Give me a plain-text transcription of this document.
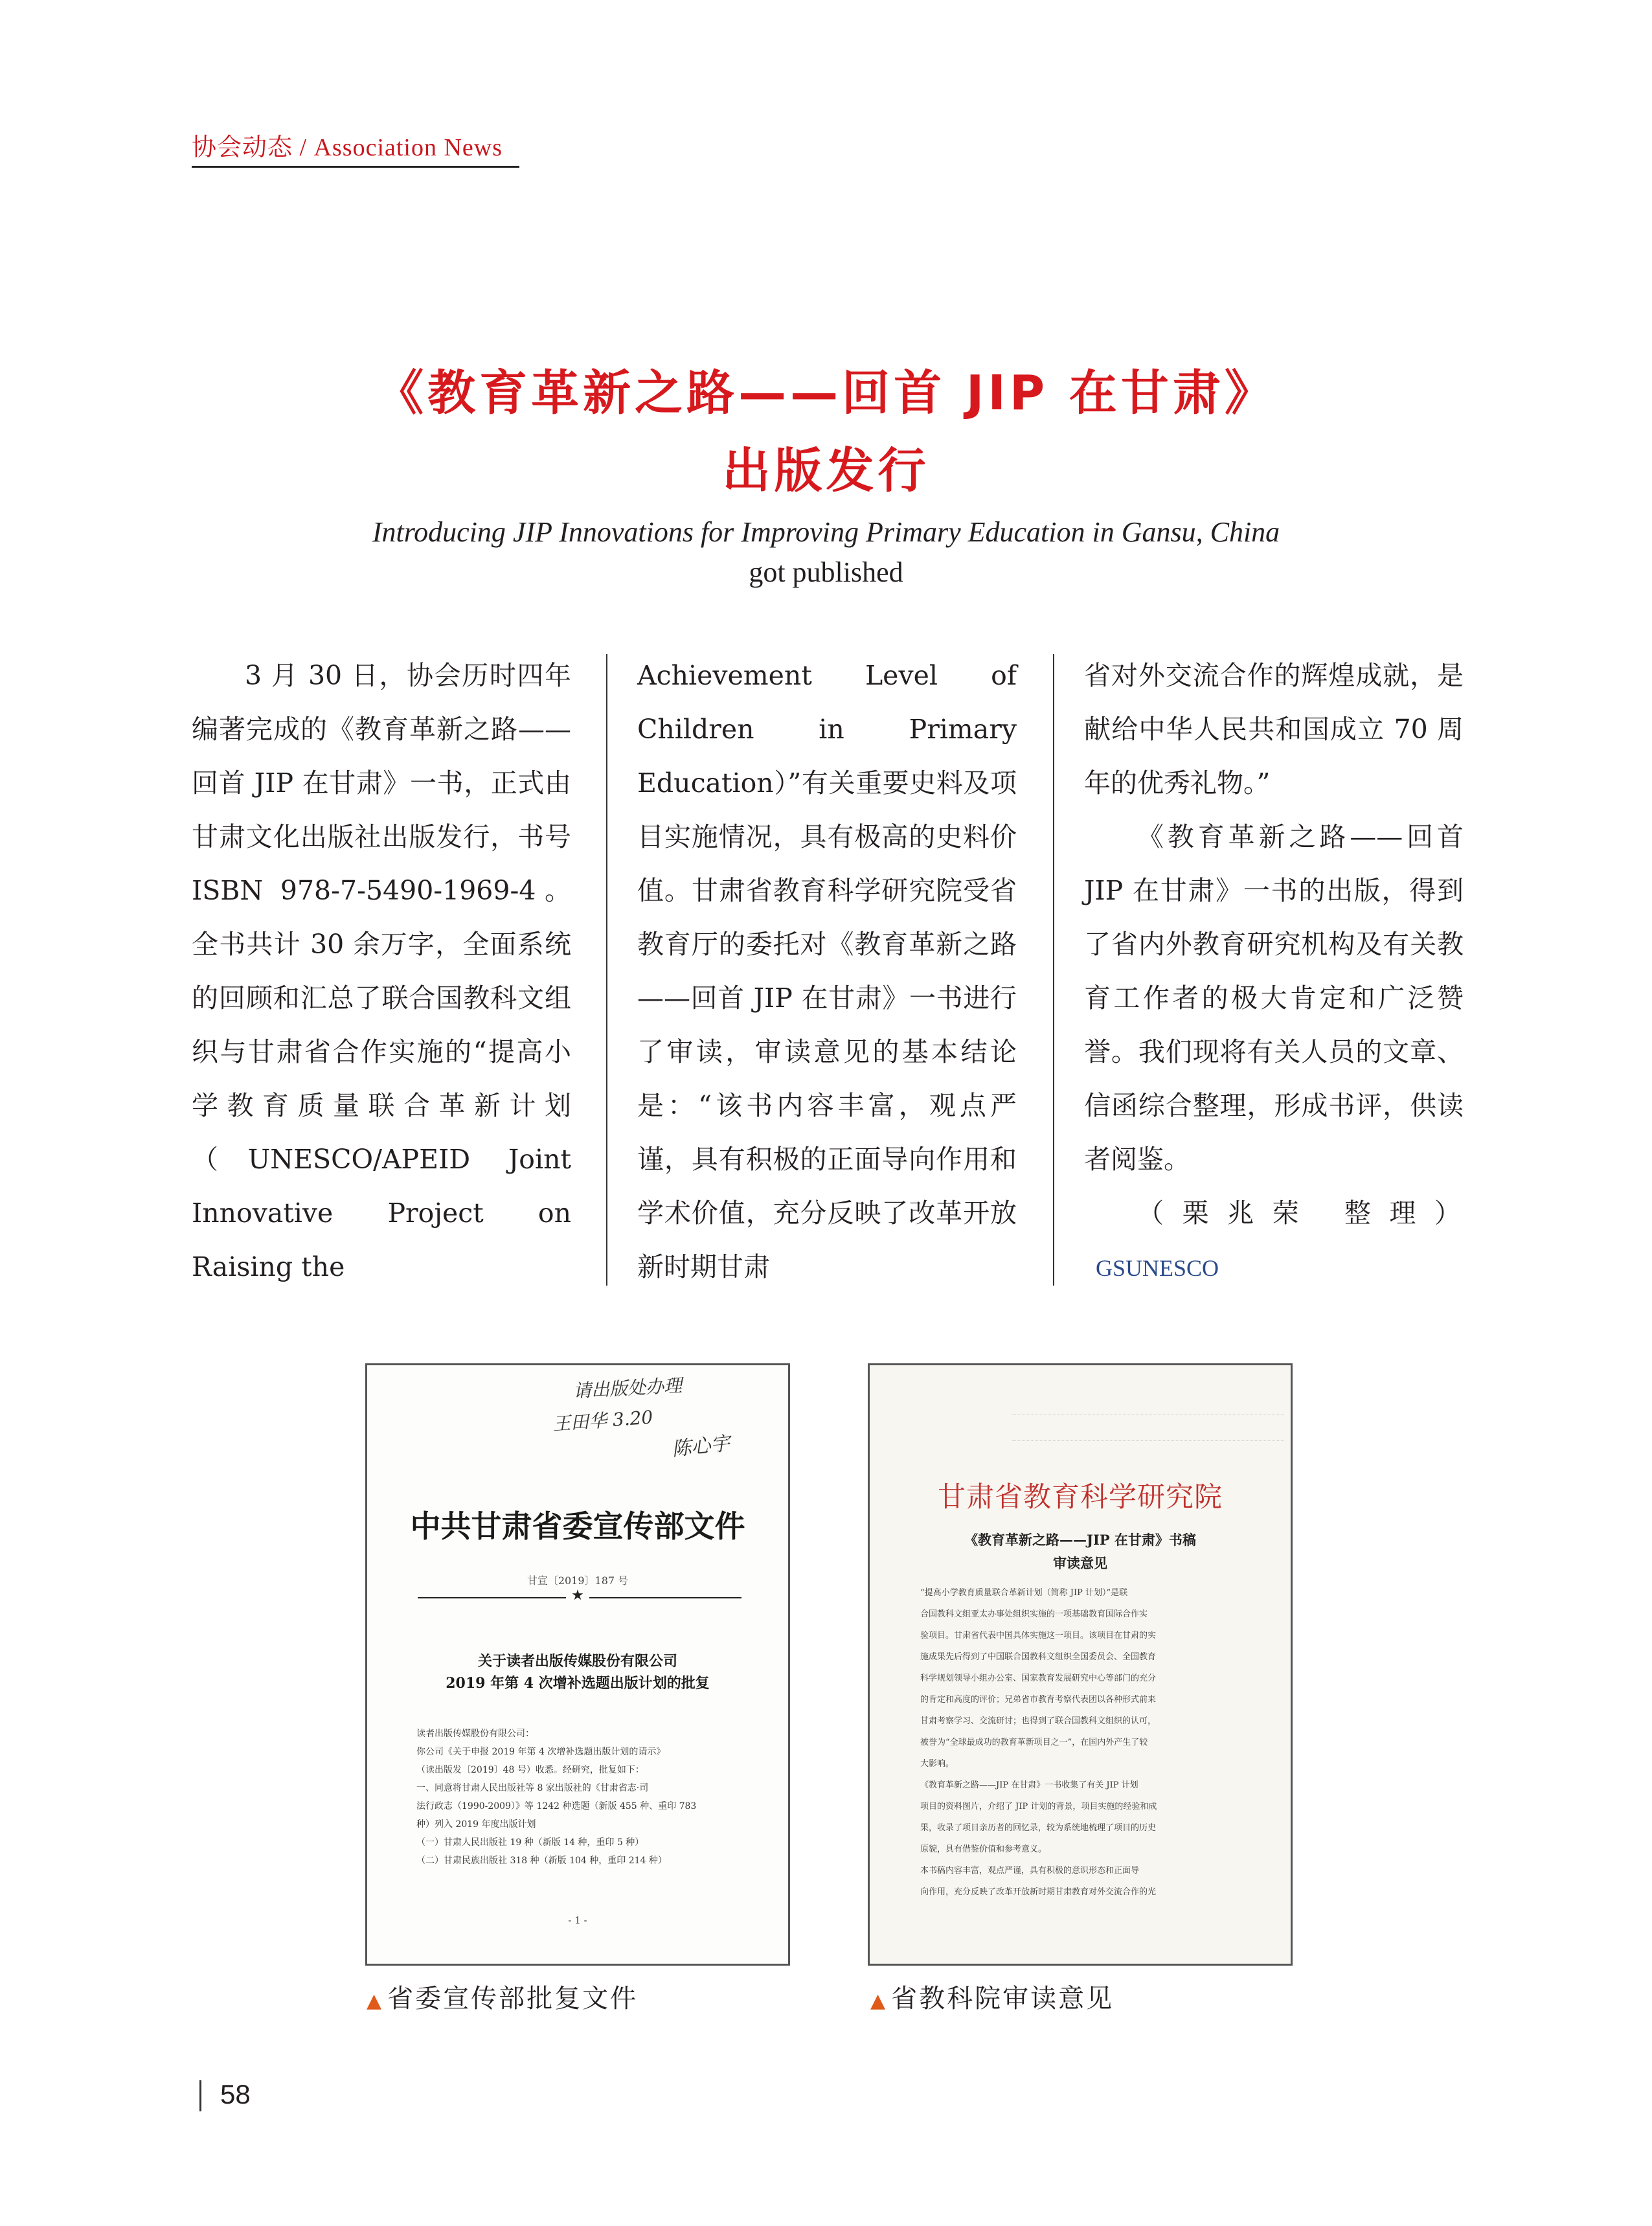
协会动态 / Association News
《教育革新之路——回首 JIP 在甘肃》
出版发行
Introducing JIP Innovations for Improving Primary Education in Gansu, China
got published

3 月 30 日，协会历时四年编著完成的《教育革新之路——回首 JIP 在甘肃》一书，正式由甘肃文化出版社出版发行，书号 ISBN 978-7-5490-1969-4。全书共计 30 余万字，全面系统的回顾和汇总了联合国教科文组织与甘肃省合作实施的“提高小学教育质量联合革新计划（UNESCO/APEID Joint Innovative Project on Raising the

Achievement Level of Children in Primary Education）”有关重要史料及项目实施情况，具有极高的史料价值。甘肃省教育科学研究院受省教育厅的委托对《教育革新之路——回首 JIP 在甘肃》一书进行了审读，审读意见的基本结论是：“该书内容丰富，观点严谨，具有积极的正面导向作用和学术价值，充分反映了改革开放新时期甘肃

省对外交流合作的辉煌成就，是献给中华人民共和国成立 70 周年的优秀礼物。”

《教育革新之路——回首 JIP 在甘肃》一书的出版，得到了省内外教育研究机构及有关教育工作者的极大肯定和广泛赞誉。我们现将有关人员的文章、信函综合整理，形成书评，供读者阅鉴。

（栗兆荣 整理）GSUNESCO

请出版处办理
王田华 3.20
陈心宇
中共甘肃省委宣传部文件
甘宣〔2019〕187 号
★
关于读者出版传媒股份有限公司
2019 年第 4 次增补选题出版计划的批复
读者出版传媒股份有限公司：
你公司《关于申报 2019 年第 4 次增补选题出版计划的请示》
（读出版发〔2019〕48 号）收悉。经研究，批复如下：
一、同意将甘肃人民出版社等 8 家出版社的《甘肃省志·司
法行政志（1990-2009）》等 1242 种选题（新版 455 种、重印 783
种）列入 2019 年度出版计划
（一）甘肃人民出版社 19 种（新版 14 种，重印 5 种）
（二）甘肃民族出版社 318 种（新版 104 种，重印 214 种）
- 1 -
甘肃省教育科学研究院
《教育革新之路——JIP 在甘肃》书稿
审读意见
“提高小学教育质量联合革新计划（简称 JIP 计划）”是联
合国教科文组亚太办事处组织实施的一项基础教育国际合作实
验项目。甘肃省代表中国具体实施这一项目。该项目在甘肃的实
施成果先后得到了中国联合国教科文组织全国委员会、全国教育
科学规划领导小组办公室、国家教育发展研究中心等部门的充分
的肯定和高度的评价；兄弟省市教育考察代表团以各种形式前来
甘肃考察学习、交流研讨；也得到了联合国教科文组织的认可，
被誉为“全球最成功的教育革新项目之一”，在国内外产生了较
大影响。
《教育革新之路——JIP 在甘肃》一书收集了有关 JIP 计划
项目的资料图片，介绍了 JIP 计划的背景，项目实施的经验和成
果，收录了项目亲历者的回忆录，较为系统地梳理了项目的历史
原貌，具有借鉴价值和参考意义。
本书稿内容丰富，观点严谨，具有积极的意识形态和正面导
向作用，充分反映了改革开放新时期甘肃教育对外交流合作的光
▲ 省委宣传部批复文件	▲ 省教科院审读意见
58
